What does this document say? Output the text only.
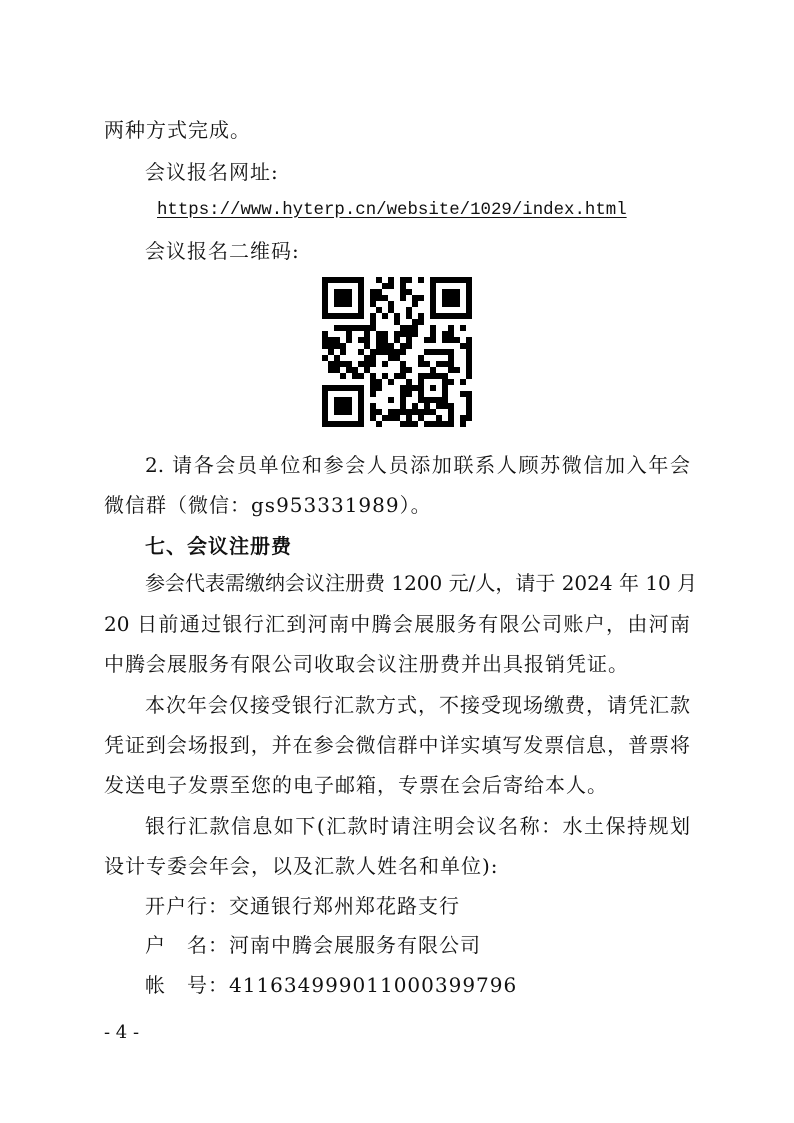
两种方式完成。
会议报名网址:
https://www.hyterp.cn/website/1029/index.html
会议报名二维码:
2. 请各会员单位和参会人员添加联系人顾苏微信加入年会
微信群（微信：gs953331989）。
七、会议注册费
参会代表需缴纳会议注册费 1200 元/人，请于 2024 年 10 月
20 日前通过银行汇到河南中腾会展服务有限公司账户，由河南
中腾会展服务有限公司收取会议注册费并出具报销凭证。
本次年会仅接受银行汇款方式，不接受现场缴费，请凭汇款
凭证到会场报到，并在参会微信群中详实填写发票信息，普票将
发送电子发票至您的电子邮箱，专票在会后寄给本人。
银行汇款信息如下(汇款时请注明会议名称：水土保持规划
设计专委会年会，以及汇款人姓名和单位):
开户行：交通银行郑州郑花路支行
户　名：河南中腾会展服务有限公司
帐　号：411634999011000399796
- 4 -
